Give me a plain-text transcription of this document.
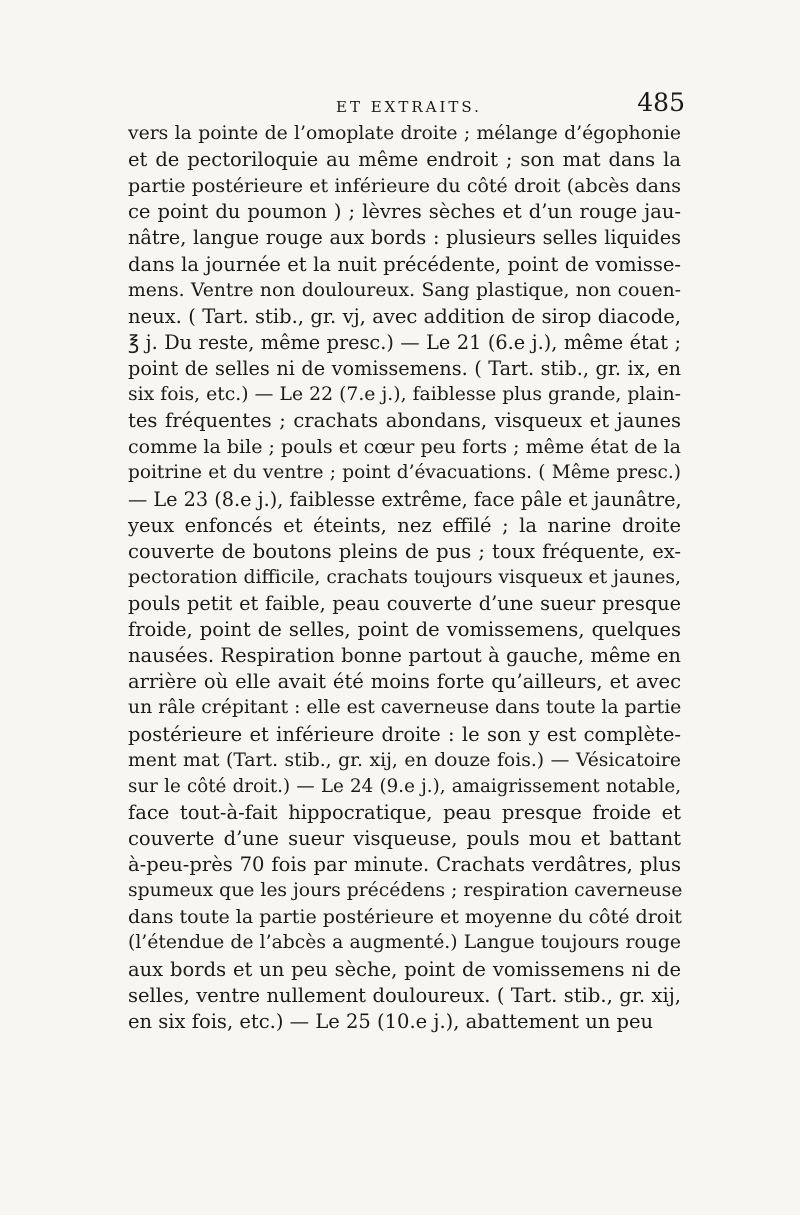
ET EXTRAITS.	485
vers la pointe de l’omoplate droite ; mélange d’égophonie
et de pectoriloquie au même endroit ; son mat dans la
partie postérieure et inférieure du côté droit (abcès dans
ce point du poumon ) ; lèvres sèches et d’un rouge jau-
nâtre, langue rouge aux bords : plusieurs selles liquides
dans la journée et la nuit précédente, point de vomisse-
mens. Ventre non douloureux. Sang plastique, non couen-
neux. ( Tart. stib., gr. vj, avec addition de sirop diacode,
℥ j. Du reste, même presc.) — Le 21 (6.e j.), même état ;
point de selles ni de vomissemens. ( Tart. stib., gr. ix, en
six fois, etc.) — Le 22 (7.e j.), faiblesse plus grande, plain-
tes fréquentes ; crachats abondans, visqueux et jaunes
comme la bile ; pouls et cœur peu forts ; même état de la
poitrine et du ventre ; point d’évacuations. ( Même presc.)
— Le 23 (8.e j.), faiblesse extrême, face pâle et jaunâtre,
yeux enfoncés et éteints, nez effilé ; la narine droite
couverte de boutons pleins de pus ; toux fréquente, ex-
pectoration difficile, crachats toujours visqueux et jaunes,
pouls petit et faible, peau couverte d’une sueur presque
froide, point de selles, point de vomissemens, quelques
nausées. Respiration bonne partout à gauche, même en
arrière où elle avait été moins forte qu’ailleurs, et avec
un râle crépitant : elle est caverneuse dans toute la partie
postérieure et inférieure droite : le son y est complète-
ment mat (Tart. stib., gr. xij, en douze fois.) — Vésicatoire
sur le côté droit.) — Le 24 (9.e j.), amaigrissement notable,
face tout-à-fait hippocratique, peau presque froide et
couverte d’une sueur visqueuse, pouls mou et battant
à-peu-près 70 fois par minute. Crachats verdâtres, plus
spumeux que les jours précédens ; respiration caverneuse
dans toute la partie postérieure et moyenne du côté droit
(l’étendue de l’abcès a augmenté.) Langue toujours rouge
aux bords et un peu sèche, point de vomissemens ni de
selles, ventre nullement douloureux. ( Tart. stib., gr. xij,
en six fois, etc.) — Le 25 (10.e j.), abattement un peu
